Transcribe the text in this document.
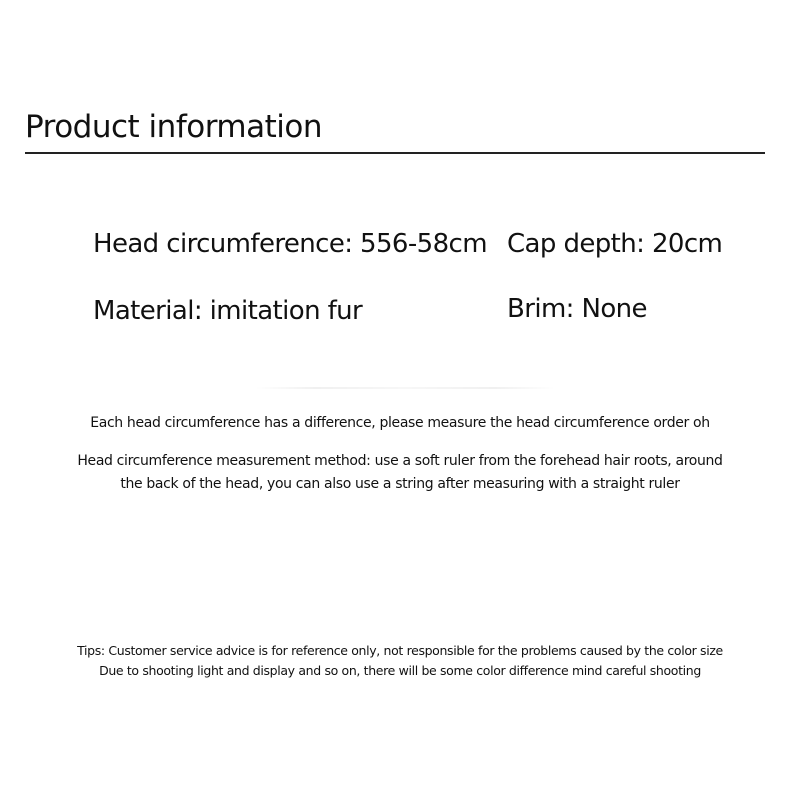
Product information
Head circumference: 556-58cm Cap depth: 20cm
Material: imitation fur	Brim: None
Each head circumference has a difference, please measure the head circumference order oh
Head circumference measurement method: use a soft ruler from the forehead hair roots, around
the back of the head, you can also use a string after measuring with a straight ruler
Tips: Customer service advice is for reference only, not responsible for the problems caused by the color size
Due to shooting light and display and so on, there will be some color difference mind careful shooting
